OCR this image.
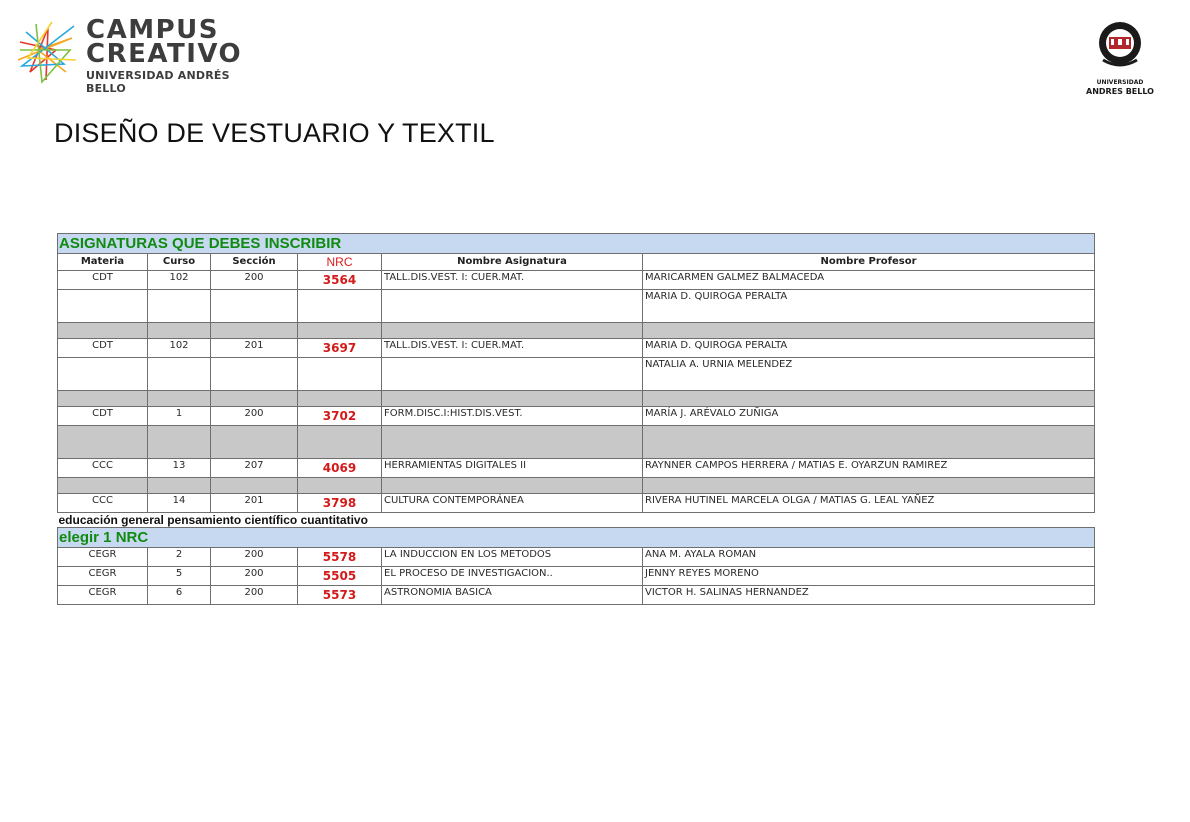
CAMPUS
CREATIVO
UNIVERSIDAD ANDRÉS BELLO	UNIVERSIDAD
ANDRES BELLO
DISEÑO DE VESTUARIO Y TEXTIL
ASIGNATURAS QUE DEBES INSCRIBIR					
Materia	Curso	Sección	NRC	Nombre Asignatura	Nombre Profesor
CDT	102	200	3564	TALL.DIS.VEST. I: CUER.MAT.	MARICARMEN GALMEZ BALMACEDA
					MARIA D. QUIROGA PERALTA

CDT	102	201	3697	TALL.DIS.VEST. I: CUER.MAT.	MARIA D. QUIROGA PERALTA
					NATALIA A. URNIA MELENDEZ

CDT	1	200	3702	FORM.DISC.I:HIST.DIS.VEST.	MARÍA J. ARÉVALO ZUÑIGA

CCC	13	207	4069	HERRAMIENTAS DIGITALES II	RAYNNER CAMPOS HERRERA / MATIAS E. OYARZUN RAMIREZ

CCC	14	201	3798	CULTURA CONTEMPORÁNEA	RIVERA HUTINEL MARCELA OLGA / MATIAS G. LEAL YAÑEZ
educación general pensamiento científico cuantitativo					
elegir 1 NRC					
CEGR	2	200	5578	LA INDUCCION EN LOS METODOS	ANA M. AYALA ROMAN
CEGR	5	200	5505	EL PROCESO DE INVESTIGACION..	JENNY REYES MORENO
CEGR	6	200	5573	ASTRONOMIA BASICA	VICTOR H. SALINAS HERNANDEZ
